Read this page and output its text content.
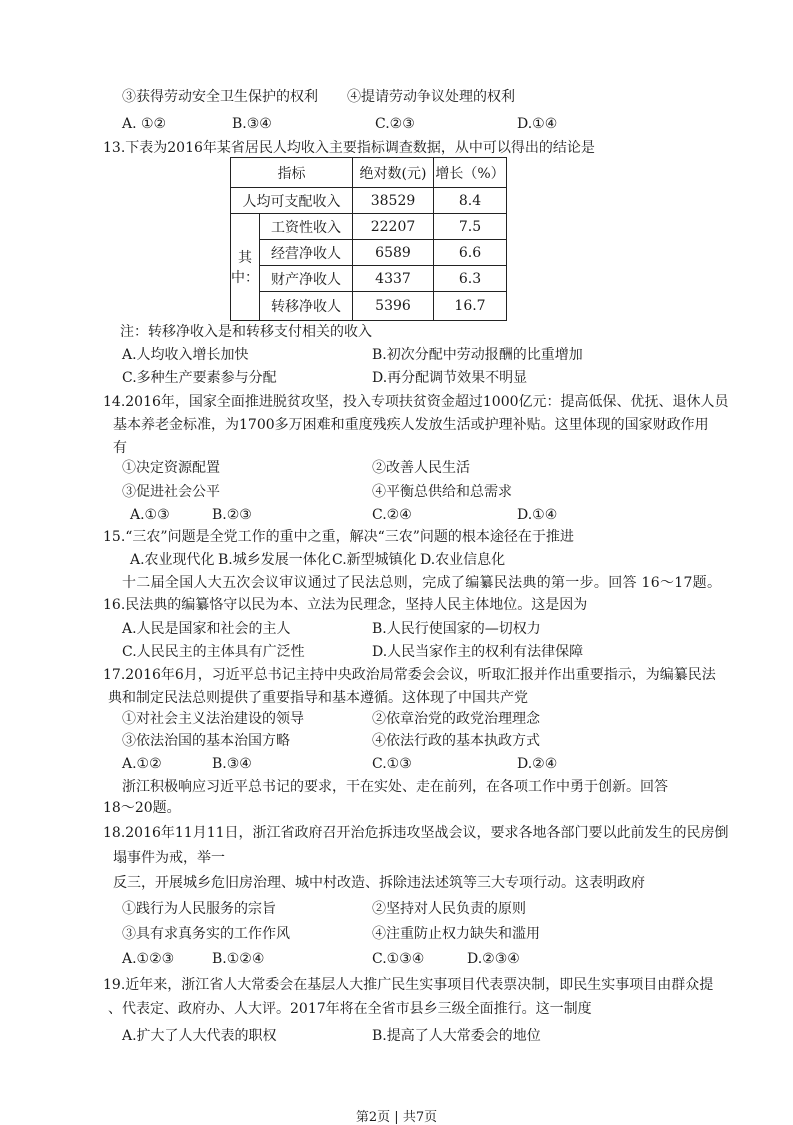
③获得劳动安全卫生保护的权利 ④提请劳动争议处理的权利
A. ①②	B.③④	C.②③	D.①④
13.下表为2016年某省居民人均收入主要指标调查数据，从中可以得出的结论是
指标		绝对数(元)	增长（%）
人均可支配收入		38529	8.4
其中：	工资性收入	22207	7.5
	经营净收人	6589	6.6
	财产净收人	4337	6.3
	转移净收人	5396	16.7
注：转移净收入是和转移支付相关的收入
A.人均收入增长加快	B.初次分配中劳动报酬的比重增加
C.多种生产要素参与分配	D.再分配调节效果不明显
14.2016年，国家全面推进脱贫攻坚，投入专项扶贫资金超过1000亿元：提高低保、优抚、退休人员
基本养老金标准，为1700多万困难和重度残疾人发放生活或护理补贴。这里体现的国家财政作用
有
①决定资源配置	②改善人民生活
③促进社会公平	④平衡总供给和总需求
A.①③	B.②③	C.②④	D.①④
15.“三农”问题是全党工作的重中之重，解决“三农”问题的根本途径在于推进
A.农业现代化 B.城乡发展一体化 C.新型城镇化 D.农业信息化
十二届全国人大五次会议审议通过了民法总则，完成了编纂民法典的第一步。回答 16～17题。
16.民法典的编纂恪守以民为本、立法为民理念，坚持人民主体地位。这是因为
A.人民是国家和社会的主人	B.人民行使国家的—切权力
C.人民民主的主体具有广泛性	D.人民当家作主的权利有法律保障
17.2016年6月，习近平总书记主持中央政治局常委会会议，听取汇报并作出重要指示，为编纂民法
典和制定民法总则提供了重要指导和基本遵循。这体现了中国共产党
①对社会主义法治建设的领导	②依章治党的政党治理理念
③依法治国的基本治国方略	④依法行政的基本执政方式
A.①②	B.③④	C.①③	D.②④
浙江积极响应习近平总书记的要求，干在实处、走在前列，在各项工作中勇于创新。回答
18～20题。
18.2016年11月11日，浙江省政府召开治危拆违攻坚战会议，要求各地各部门要以此前发生的民房倒
塌事件为戒，举一
反三，开展城乡危旧房治理、城中村改造、拆除违法述筑等三大专项行动。这表明政府
①践行为人民服务的宗旨	②坚持对人民负责的原则
③具有求真务实的工作作风	④注重防止权力缺失和滥用
A.①②③	B.①②④	C.①③④	D.②③④
19.近年来，浙江省人大常委会在基层人大推广民生实事项目代表票决制，即民生实事项目由群众提
、代表定、政府办、人大评。2017年将在全省市县乡三级全面推行。这一制度
A.扩大了人大代表的职权	B.提高了人大常委会的地位
第2页 | 共7页
